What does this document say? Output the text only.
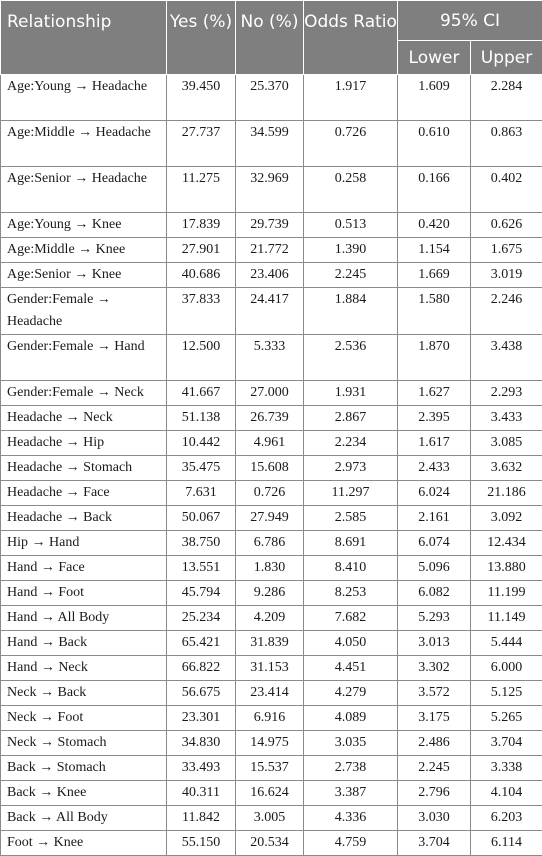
Relationship	Yes (%)	No (%)	Odds Ratio	95% CI	
				Lower	Upper
Age:Young → Headache	39.450	25.370	1.917	1.609	2.284
Age:Middle → Headache	27.737	34.599	0.726	0.610	0.863
Age:Senior → Headache	11.275	32.969	0.258	0.166	0.402
Age:Young → Knee	17.839	29.739	0.513	0.420	0.626
Age:Middle → Knee	27.901	21.772	1.390	1.154	1.675
Age:Senior → Knee	40.686	23.406	2.245	1.669	3.019
Gender:Female → Headache	37.833	24.417	1.884	1.580	2.246
Gender:Female → Hand	12.500	5.333	2.536	1.870	3.438
Gender:Female → Neck	41.667	27.000	1.931	1.627	2.293
Headache → Neck	51.138	26.739	2.867	2.395	3.433
Headache → Hip	10.442	4.961	2.234	1.617	3.085
Headache → Stomach	35.475	15.608	2.973	2.433	3.632
Headache → Face	7.631	0.726	11.297	6.024	21.186
Headache → Back	50.067	27.949	2.585	2.161	3.092
Hip → Hand	38.750	6.786	8.691	6.074	12.434
Hand → Face	13.551	1.830	8.410	5.096	13.880
Hand → Foot	45.794	9.286	8.253	6.082	11.199
Hand → All Body	25.234	4.209	7.682	5.293	11.149
Hand → Back	65.421	31.839	4.050	3.013	5.444
Hand → Neck	66.822	31.153	4.451	3.302	6.000
Neck → Back	56.675	23.414	4.279	3.572	5.125
Neck → Foot	23.301	6.916	4.089	3.175	5.265
Neck → Stomach	34.830	14.975	3.035	2.486	3.704
Back → Stomach	33.493	15.537	2.738	2.245	3.338
Back → Knee	40.311	16.624	3.387	2.796	4.104
Back → All Body	11.842	3.005	4.336	3.030	6.203
Foot → Knee	55.150	20.534	4.759	3.704	6.114
